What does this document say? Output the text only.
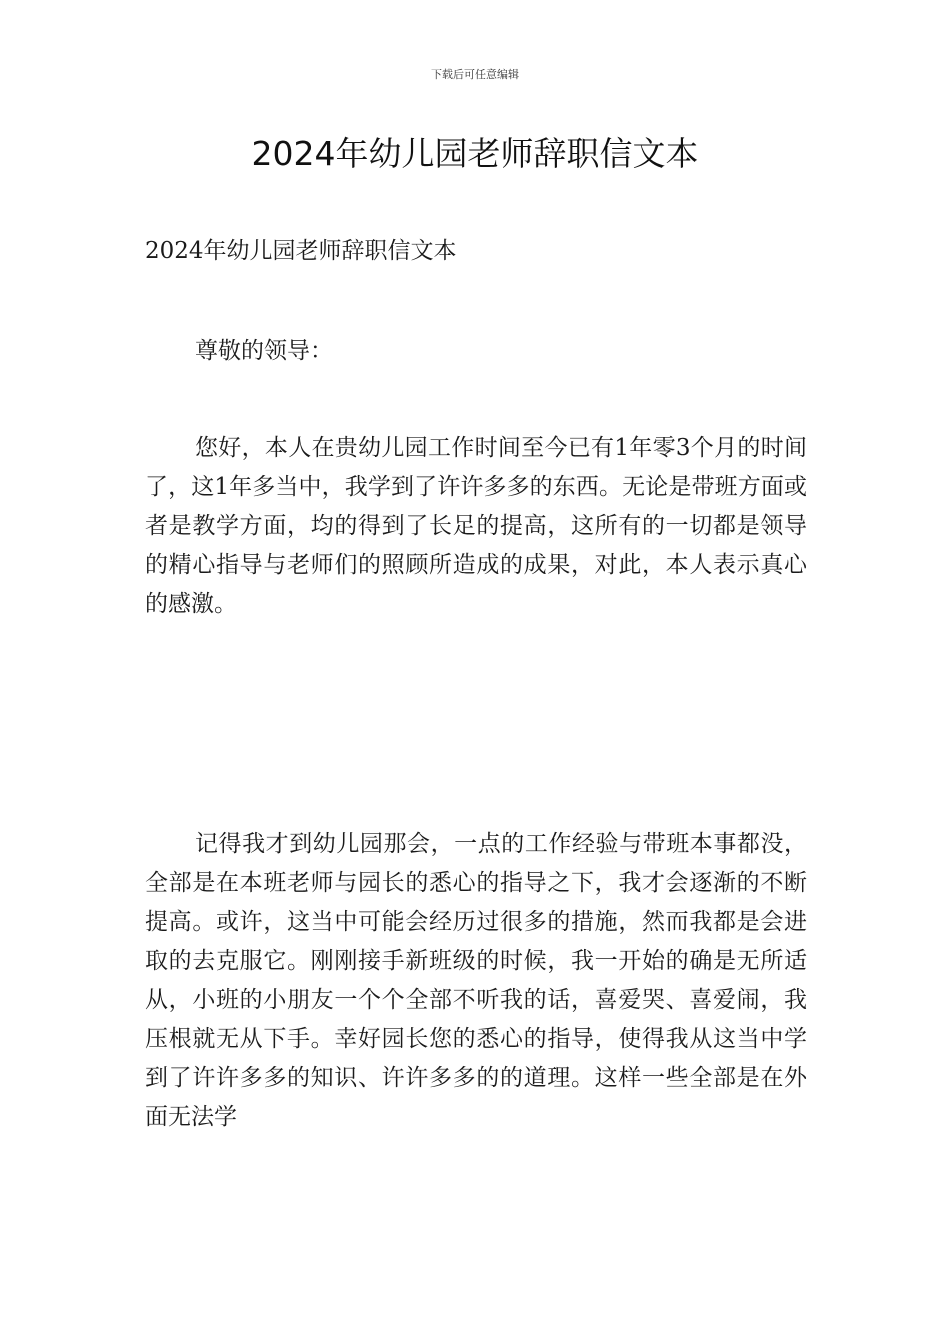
下载后可任意编辑
2024年幼儿园老师辞职信文本
2024年幼儿园老师辞职信文本
尊敬的领导：

您好，本人在贵幼儿园工作时间至今已有1年零3个月的时间了，这1年多当中，我学到了许许多多的东西。无论是带班方面或者是教学方面，均的得到了长足的提高，这所有的一切都是领导的精心指导与老师们的照顾所造成的成果，对此，本人表示真心的感激。

记得我才到幼儿园那会，一点的工作经验与带班本事都没，全部是在本班老师与园长的悉心的指导之下，我才会逐渐的不断提高。或许，这当中可能会经历过很多的措施，然而我都是会进取的去克服它。刚刚接手新班级的时候，我一开始的确是无所适从，小班的小朋友一个个全部不听我的话，喜爱哭、喜爱闹，我压根就无从下手。幸好园长您的悉心的指导，使得我从这当中学到了许许多多的知识、许许多多的的道理。这样一些全部是在外面无法学
